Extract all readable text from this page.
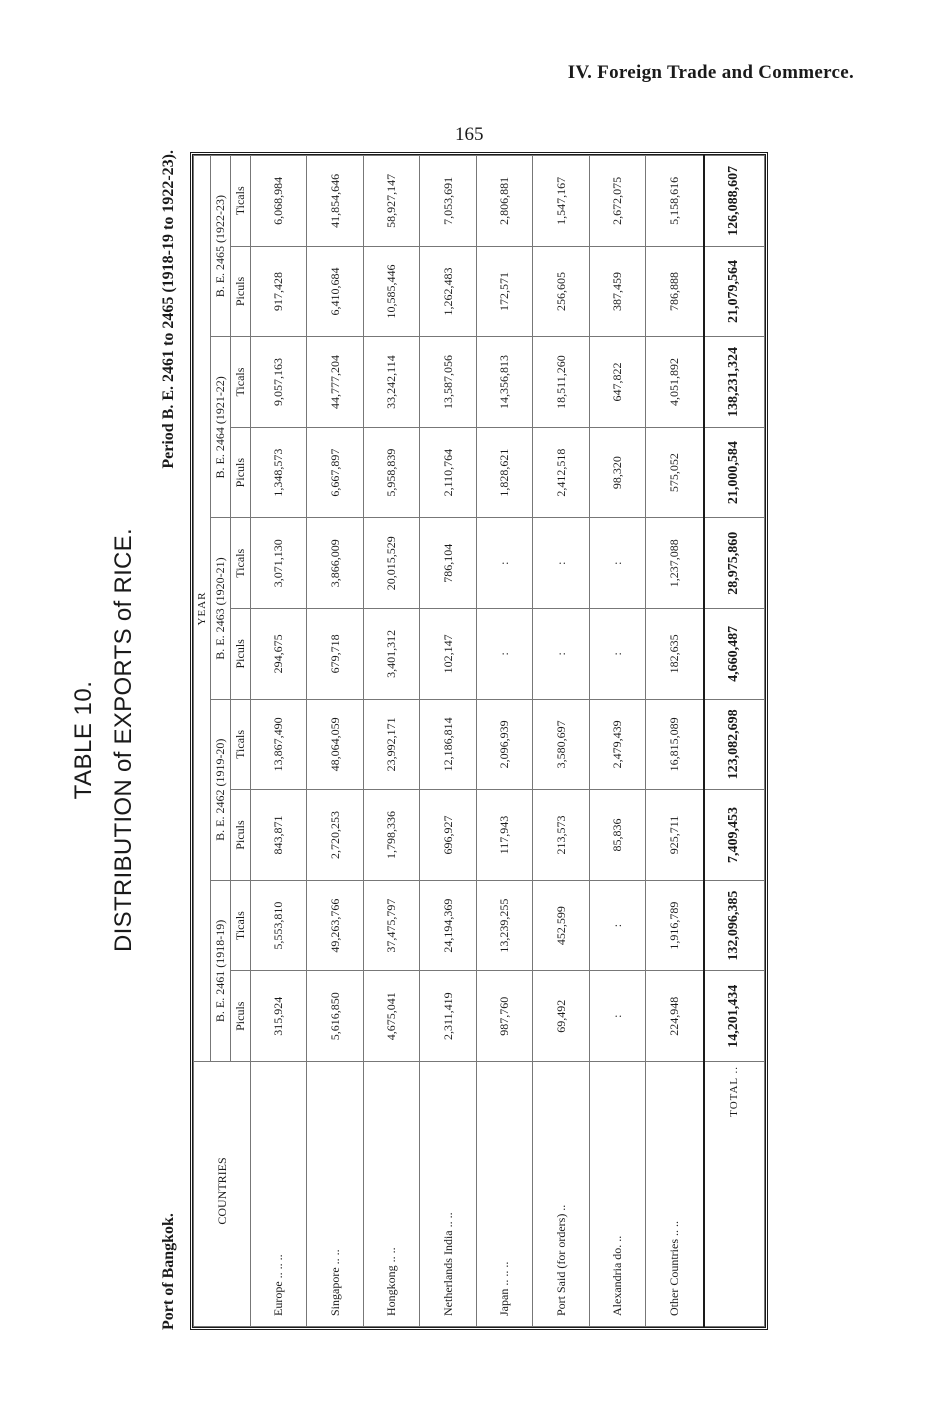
IV. Foreign Trade and Commerce.
165
TABLE 10. DISTRIBUTION of EXPORTS of RICE.
Port of Bangkok.
Period B. E. 2461 to 2465 (1918-19 to 1922-23).
COUNTRIES	YEAR									
	B. E. 2461 (1918-19)		B. E. 2462 (1919-20)		B. E. 2463 (1920-21)		B. E. 2464 (1921-22)		B. E. 2465 (1922-23)	
	Piculs	Ticals	Piculs	Ticals	Piculs	Ticals	Piculs	Ticals	Piculs	Ticals
Europe .. .. ..	315,924	5,553,810	843,871	13,867,490	294,675	3,071,130	1,348,573	9,057,163	917,428	6,068,984
Singapore .. ..	5,616,850	49,263,766	2,720,253	48,064,059	679,718	3,866,009	6,667,897	44,777,204	6,410,684	41,854,646
Hongkong .. ..	4,675,041	37,475,797	1,798,336	23,992,171	3,401,312	20,015,529	5,958,839	33,242,114	10,585,446	58,927,147
Netherlands India .. ..	2,311,419	24,194,369	696,927	12,186,814	102,147	786,104	2,110,764	13,587,056	1,262,483	7,053,691
Japan .. .. ..	987,760	13,239,255	117,943	2,096,939	:	:	1,828,621	14,356,813	172,571	2,806,881
Port Said (for orders) ..	69,492	452,599	213,573	3,580,697	:	:	2,412,518	18,511,260	256,605	1,547,167
Alexandria do. ..	:	:	85,836	2,479,439	:	:	98,320	647,822	387,459	2,672,075
Other Countries .. ..	224,948	1,916,789	925,711	16,815,089	182,635	1,237,088	575,052	4,051,892	786,888	5,158,616
TOTAL ..	14,201,434	132,096,385	7,409,453	123,082,698	4,660,487	28,975,860	21,000,584	138,231,324	21,079,564	126,088,607
